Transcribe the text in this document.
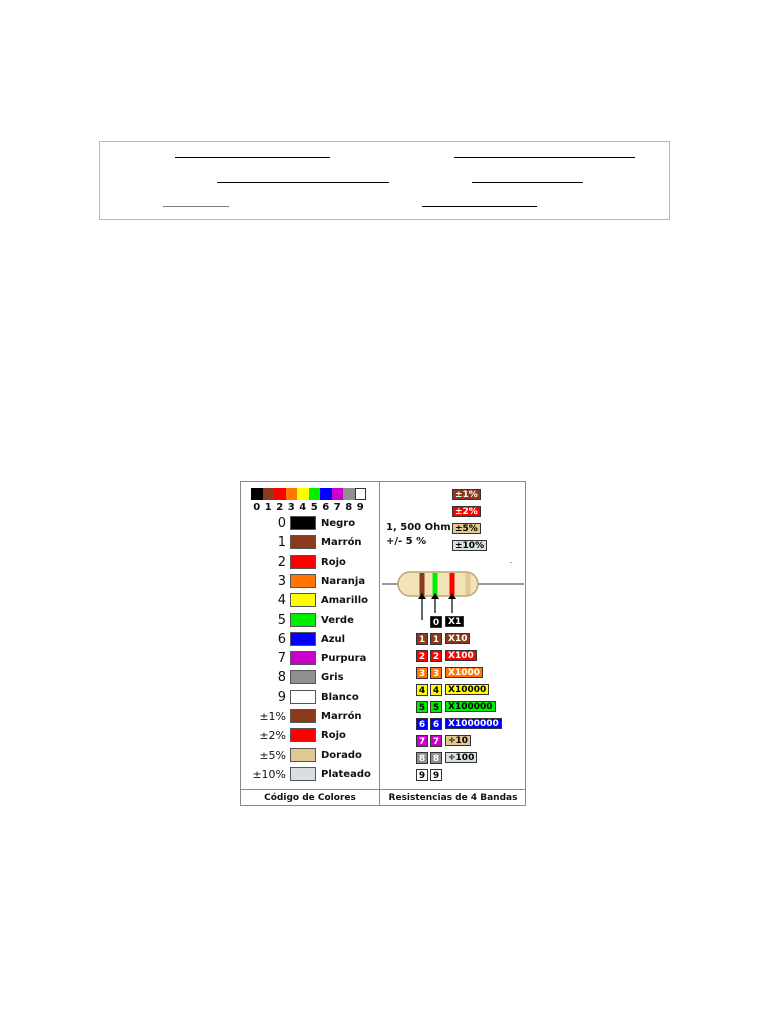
0 1 2 3 4 5 6 7 8 9
0	Negro
1	Marrón
2	Rojo
3	Naranja
4	Amarillo
5	Verde
6	Azul
7	Purpura
8	Gris
9	Blanco
±1%	Marrón
±2%	Rojo
±5%	Dorado
±10%	Plateado
1, 500 Ohm
+/- 5 %
±1%
±2%
±5%
±10%
0 X1
1 1 X10
2 2 X100
3 3 X1000
4 4 X10000
5 5 X100000
6 6 X1000000
7 7 ÷10
8 8 ÷100
9 9
Código de Colores	Resistencias de 4 Bandas
